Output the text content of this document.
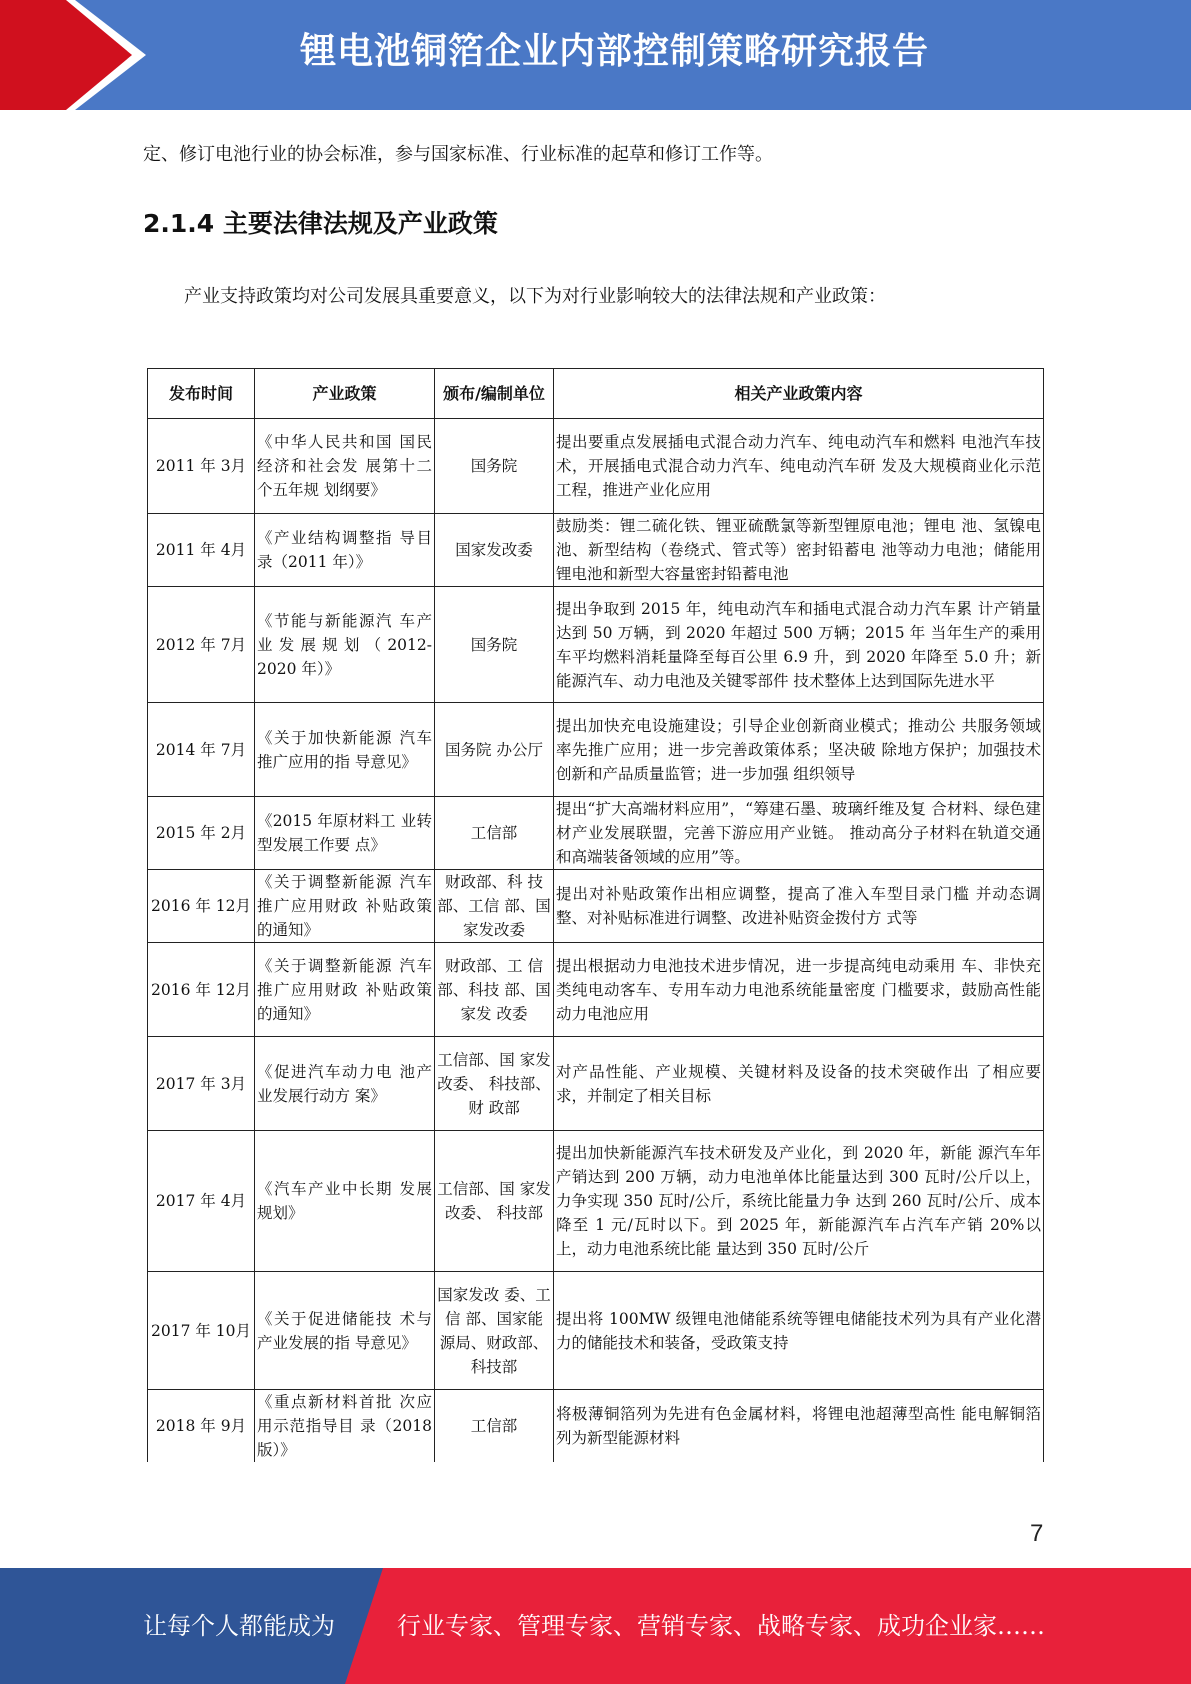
锂电池铜箔企业内部控制策略研究报告
定、修订电池行业的协会标准，参与国家标准、行业标准的起草和修订工作等。
2.1.4 主要法律法规及产业政策
产业支持政策均对公司发展具重要意义，以下为对行业影响较大的法律法规和产业政策：
发布时间	产业政策	颁布/编制单位	相关产业政策内容
2011 年 3月	《中华人民共和国 国民经济和社会发 展第十二个五年规 划纲要》	国务院	提出要重点发展插电式混合动力汽车、纯电动汽车和燃料 电池汽车技术，开展插电式混合动力汽车、纯电动汽车研 发及大规模商业化示范工程，推进产业化应用
2011 年 4月	《产业结构调整指 导目录（2011 年）》	国家发改委	鼓励类：锂二硫化铁、锂亚硫酰氯等新型锂原电池；锂电 池、氢镍电池、新型结构（卷绕式、管式等）密封铅蓄电 池等动力电池；储能用锂电池和新型大容量密封铅蓄电池
2012 年 7月	《节能与新能源汽 车产业发展规划（2012-2020 年）》	国务院	提出争取到 2015 年，纯电动汽车和插电式混合动力汽车累 计产销量达到 50 万辆，到 2020 年超过 500 万辆；2015 年 当年生产的乘用车平均燃料消耗量降至每百公里 6.9 升，到 2020 年降至 5.0 升；新能源汽车、动力电池及关键零部件 技术整体上达到国际先进水平
2014 年 7月	《关于加快新能源 汽车推广应用的指 导意见》	国务院 办公厅	提出加快充电设施建设；引导企业创新商业模式；推动公 共服务领域率先推广应用；进一步完善政策体系；坚决破 除地方保护；加强技术创新和产品质量监管；进一步加强 组织领导
2015 年 2月	《2015 年原材料工 业转型发展工作要 点》	工信部	提出“扩大高端材料应用”，“筹建石墨、玻璃纤维及复 合材料、绿色建材产业发展联盟，完善下游应用产业链。 推动高分子材料在轨道交通和高端装备领域的应用”等。
2016 年 12月	《关于调整新能源 汽车推广应用财政 补贴政策的通知》	财政部、科 技部、工信 部、国家发改委	提出对补贴政策作出相应调整，提高了准入车型目录门槛 并动态调整、对补贴标准进行调整、改进补贴资金拨付方 式等
2016 年 12月	《关于调整新能源 汽车推广应用财政 补贴政策的通知》	财政部、工 信部、科技 部、国家发 改委	提出根据动力电池技术进步情况，进一步提高纯电动乘用 车、非快充类纯电动客车、专用车动力电池系统能量密度 门槛要求，鼓励高性能动力电池应用
2017 年 3月	《促进汽车动力电 池产业发展行动方 案》	工信部、国 家发改委、 科技部、财 政部	对产品性能、产业规模、关键材料及设备的技术突破作出 了相应要求，并制定了相关目标
2017 年 4月	《汽车产业中长期 发展规划》	工信部、国 家发改委、 科技部	提出加快新能源汽车技术研发及产业化，到 2020 年，新能 源汽车年产销达到 200 万辆，动力电池单体比能量达到 300 瓦时/公斤以上，力争实现 350 瓦时/公斤，系统比能量力争 达到 260 瓦时/公斤、成本降至 1 元/瓦时以下。到 2025 年，新能源汽车占汽车产销 20%以上，动力电池系统比能 量达到 350 瓦时/公斤
2017 年 10月	《关于促进储能技 术与产业发展的指 导意见》	国家发改 委、工信 部、国家能 源局、财政部、科技部	提出将 100MW 级锂电池储能系统等锂电储能技术列为具有产业化潜力的储能技术和装备，受政策支持
2018 年 9月	《重点新材料首批 次应用示范指导目 录（2018 版）》	工信部	将极薄铜箔列为先进有色金属材料，将锂电池超薄型高性 能电解铜箔列为新型能源材料
7
让每个人都能成为	行业专家、管理专家、营销专家、战略专家、成功企业家……
